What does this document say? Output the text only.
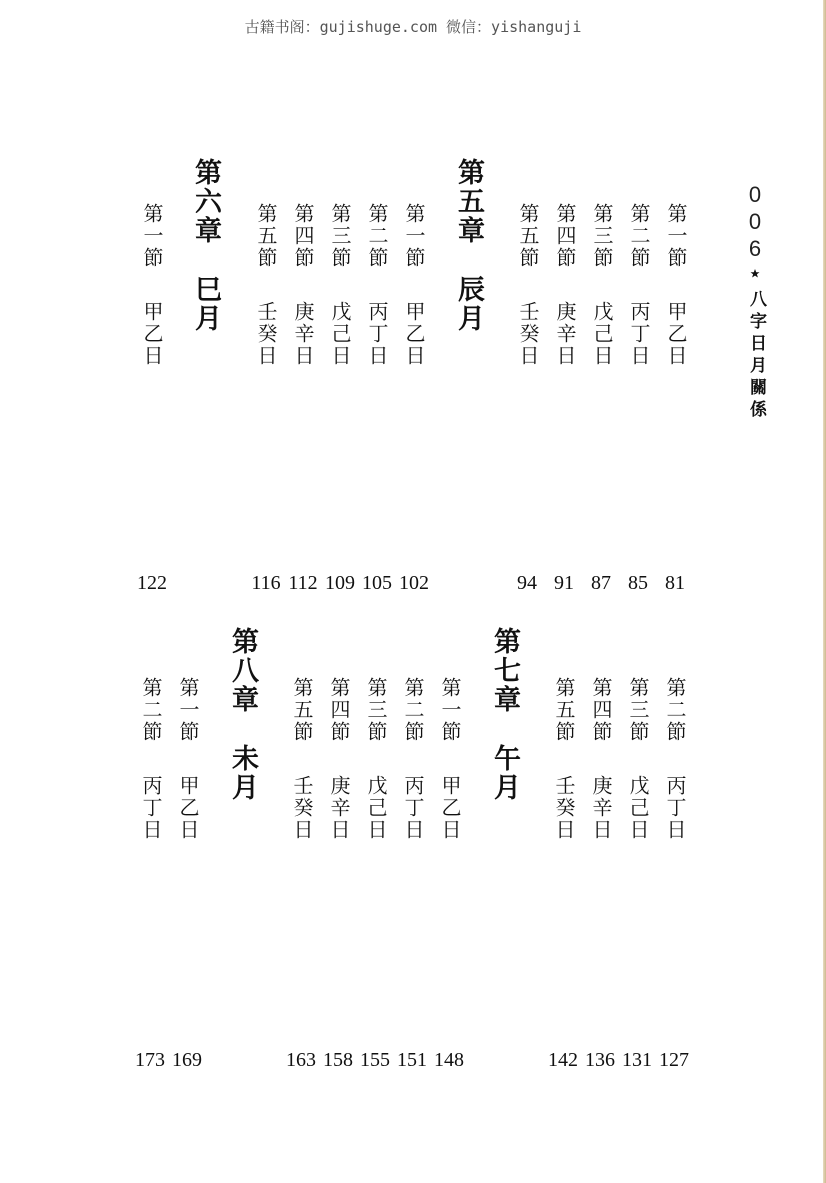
古籍书阁：gujishuge.com 微信：yishanguji
0
0
6
八字日月關係
第五章辰月
第一節甲乙日
第二節丙丁日
第三節戊己日
第四節庚辛日
第五節壬癸日
第六章巳月
第一節甲乙日
第二節丙丁日
第三節戊己日
第四節庚辛日
第五節壬癸日
第一節甲乙日
81
85
87
91
94
102
105
109
112
116
122
第七章午月
第二節丙丁日
第三節戊己日
第四節庚辛日
第五節壬癸日
第八章未月
第一節甲乙日
第二節丙丁日
第三節戊己日
第四節庚辛日
第五節壬癸日
第一節甲乙日
第二節丙丁日
127
131
136
142
148
151
155
158
163
169
173
